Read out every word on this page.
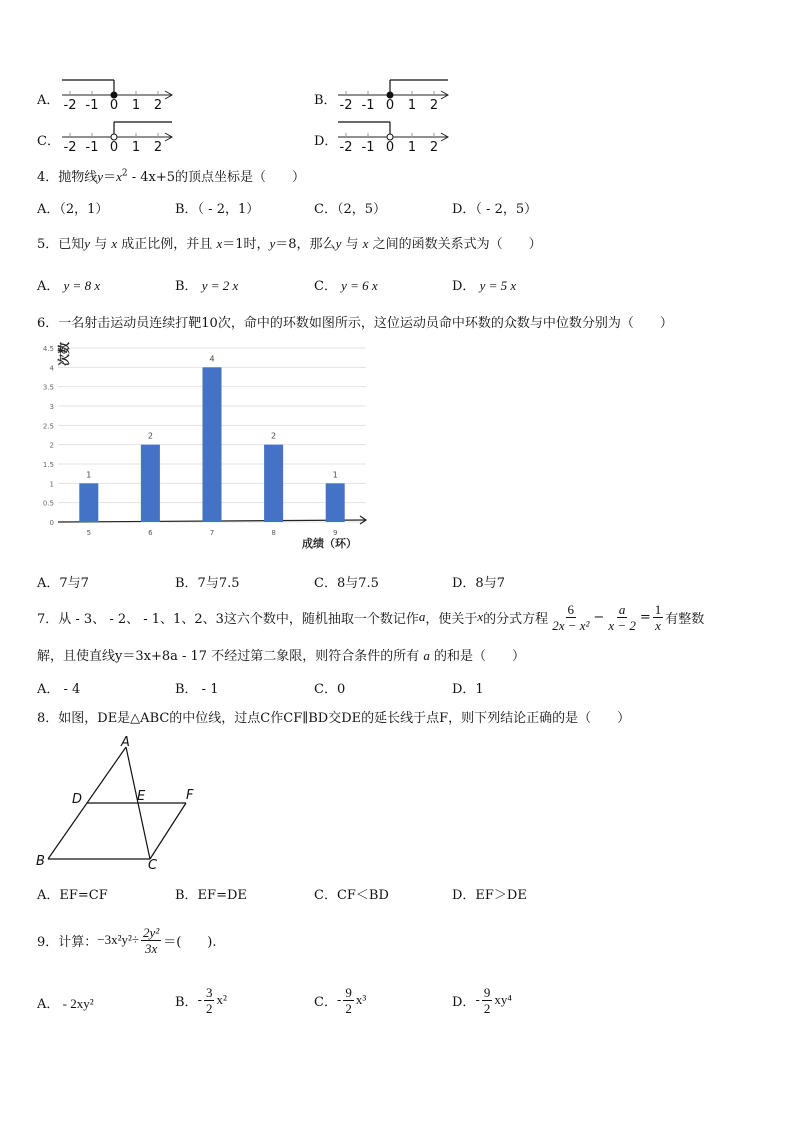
A． -2 -1 0 1 2	B． -2 -1 0 1 2
C． -2 -1 0 1 2	D． -2 -1 0 1 2
4．抛物线$y=x^2 - 4x+5$的顶点坐标是（　　）
A．（2，1）	B．（ - 2，1）	C．（2，5）	D．（ - 2，5）
5．已知y 与 x 成正比例，并且 x＝1时，y＝8，那么y 与 x 之间的函数关系式为（　　）
A． y = 8 x	B． y = 2 x	C． y = 6 x	D． y = 5 x
6．一名射击运动员连续打靶10次，命中的环数如图所示，这位运动员命中环数的众数与中位数分别为（　　）
0
0.5
1
1.5
2
2.5
3
3.5
4
4.5 次数
1
5
2
6
4
7
2
8
1
9
成绩（环）
A．7与7	B．7与7.5	C．8与7.5	D．8与7
7．从 - 3、 - 2、 - 1、1、2、3这六个数中，随机抽取一个数记作 a ，使关于 x 的分式方程 $\frac{6}{\text{2x − x²}} - \frac{a}{x - 2} = \frac{1}{x}$ 有整数
解，且使直线y＝3x+8a - 17 不经过第二象限，则符合条件的所有 a 的和是（　　）
A． - 4	B． - 1	C．0	D．1
8．如图，DE是△ABC的中位线，过点C作CF∥BD交DE的延长线于点F，则下列结论正确的是（　　）
A
B	C
D	E	F
A．EF=CF	B．EF=DE	C．CF＜BD	D．EF＞DE
9．计算： $-3x^2y^2\div \frac{\text{2y²}}{3x}$ ＝(　　).
A． - 2xy²	B． - $\frac{3}{2} x^2$	C． - $\frac{9}{2} x^3$	D． - $\frac{9}{2} xy^4$
